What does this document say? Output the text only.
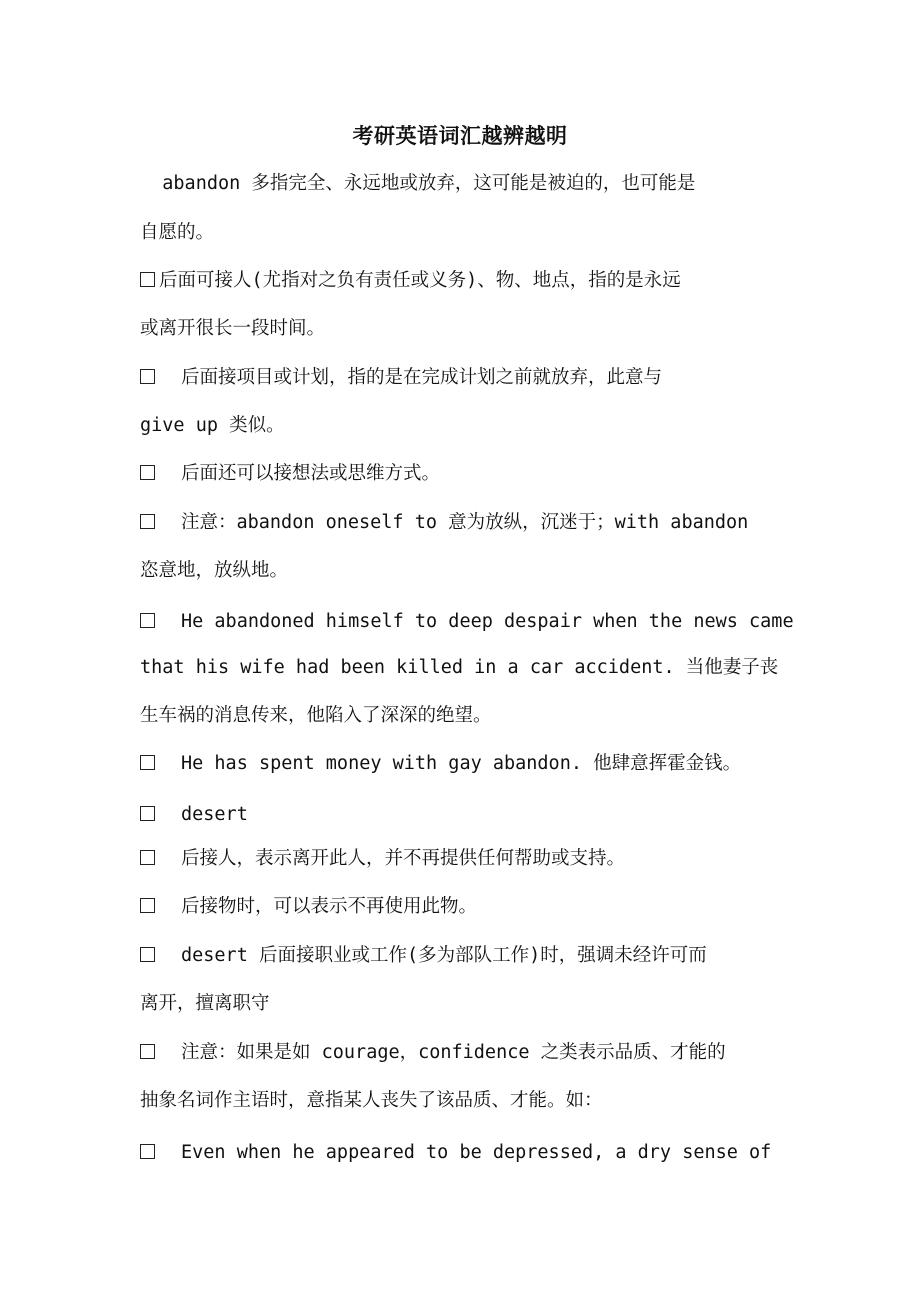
考研英语词汇越辨越明
abandon 多指完全、永远地或放弃，这可能是被迫的，也可能是
自愿的。
后面可接人(尤指对之负有责任或义务)、物、地点，指的是永远
或离开很长一段时间。
后面接项目或计划，指的是在完成计划之前就放弃，此意与
give up 类似。
后面还可以接想法或思维方式。
注意：abandon oneself to 意为放纵，沉迷于；with abandon
恣意地，放纵地。
He abandoned himself to deep despair when the news came
that his wife had been killed in a car accident. 当他妻子丧
生车祸的消息传来，他陷入了深深的绝望。
He has spent money with gay abandon. 他肆意挥霍金钱。
desert
后接人，表示离开此人，并不再提供任何帮助或支持。
后接物时，可以表示不再使用此物。
desert 后面接职业或工作(多为部队工作)时，强调未经许可而
离开，擅离职守
注意：如果是如 courage，confidence 之类表示品质、才能的
抽象名词作主语时，意指某人丧失了该品质、才能。如：
Even when he appeared to be depressed, a dry sense of
